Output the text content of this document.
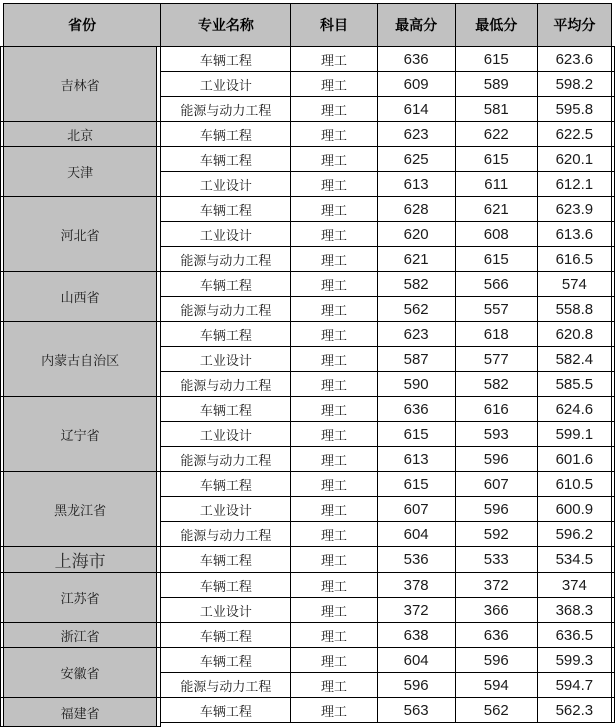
	省份		专业名称	科目	最高分	最低分	平均分	
	吉林省		车辆工程	理工	636	615	623.6	
			工业设计	理工	609	589	598.2	
			能源与动力工程	理工	614	581	595.8	
	北京		车辆工程	理工	623	622	622.5	
	天津		车辆工程	理工	625	615	620.1	
			工业设计	理工	613	611	612.1	
	河北省		车辆工程	理工	628	621	623.9	
			工业设计	理工	620	608	613.6	
			能源与动力工程	理工	621	615	616.5	
	山西省		车辆工程	理工	582	566	574	
			能源与动力工程	理工	562	557	558.8	
	内蒙古自治区		车辆工程	理工	623	618	620.8	
			工业设计	理工	587	577	582.4	
			能源与动力工程	理工	590	582	585.5	
	辽宁省		车辆工程	理工	636	616	624.6	
			工业设计	理工	615	593	599.1	
			能源与动力工程	理工	613	596	601.6	
	黑龙江省		车辆工程	理工	615	607	610.5	
			工业设计	理工	607	596	600.9	
			能源与动力工程	理工	604	592	596.2	
	上海市		车辆工程	理工	536	533	534.5	
	江苏省		车辆工程	理工	378	372	374	
			工业设计	理工	372	366	368.3	
	浙江省		车辆工程	理工	638	636	636.5	
	安徽省		车辆工程	理工	604	596	599.3	
			能源与动力工程	理工	596	594	594.7	
	福建省		车辆工程	理工	563	562	562.3	
